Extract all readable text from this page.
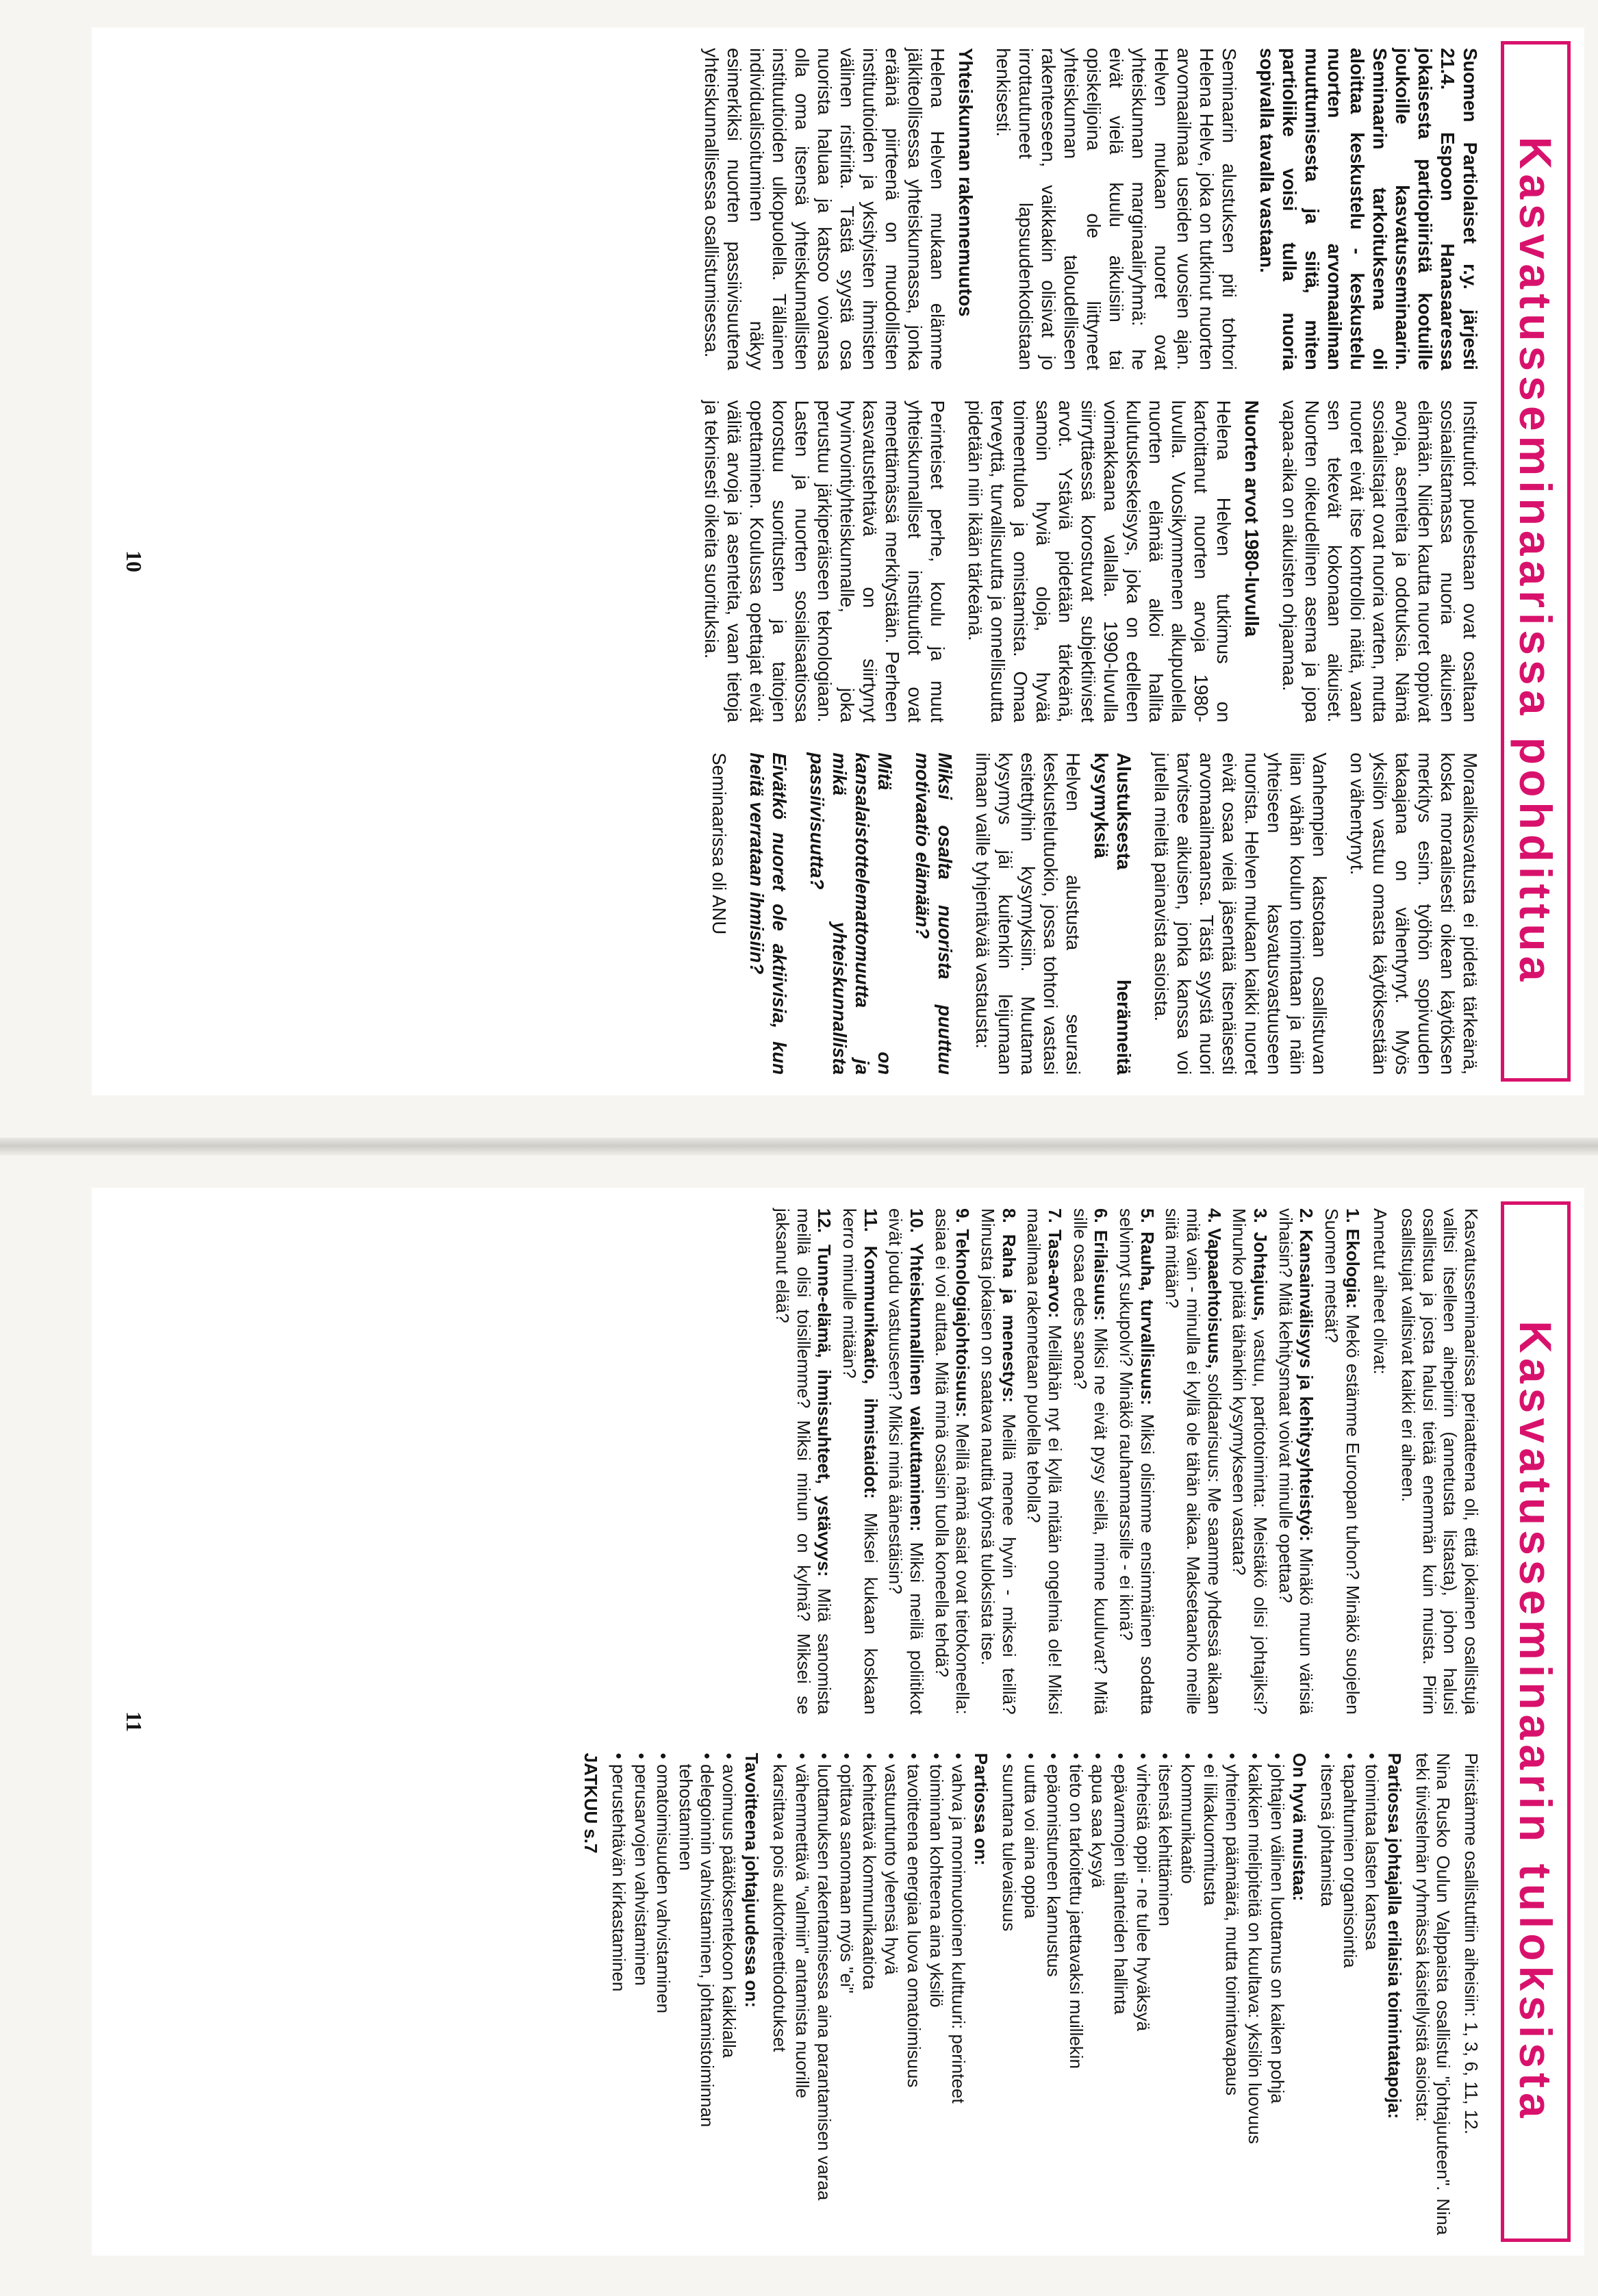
Kasvatusseminaarissa pohdittua

Suomen Partiolaiset r.y. järjesti 21.4. Espoon Hanasaaressa jokaisesta partiopiiristä kootuille joukoille kasvatusseminaarin. Seminaarin tarkoituksena oli aloittaa keskustelu - keskustelu nuorten arvomaailman muuttumisesta ja siitä, miten partioliike voisi tulla nuoria sopivalla tavalla vastaan.

Seminaarin alustuksen piti tohtori Helena Helve, joka on tutkinut nuorten arvomaailmaa useiden vuosien ajan. Helven mukaan nuoret ovat yhteiskunnan marginaaliryhmä: he eivät vielä kuulu aikuisiin tai opiskelijoina ole liittyneet yhteiskunnan taloudelliseen rakenteeseen, vaikkakin olisivat jo irrottautuneet lapsuudenkodistaan henkisesti.

Yhteiskunnan rakennemuutos

Helena Helven mukaan elämme jälkiteollisessa yhteiskunnassa, jonka eräänä piirteenä on muodollisten instituutioiden ja yksityisten ihmisten välinen ristiriita. Tästä syystä osa nuorista haluaa ja katsoo voivansa olla oma itsensä yhteiskunnallisten instituutioiden ulkopuolella. Tällainen individualisoituminen näkyy esimerkiksi nuorten passiivisuutena yhteiskunnallisessa osallistumisessa.

Instituutiot puolestaan ovat osaltaan sosiaalistamassa nuoria aikuisen elämään. Niiden kautta nuoret oppivat arvoja, asenteita ja odotuksia. Nämä sosiaalistajat ovat nuoria varten, mutta nuoret eivät itse kontrolloi näitä, vaan sen tekevät kokonaan aikuiset. Nuorten oikeudellinen asema ja jopa vapaa-aika on aikuisten ohjaamaa.

Nuorten arvot 1980-luvulla

Helena Helven tutkimus on kartoittanut nuorten arvoja 1980-luvulla. Vuosikymmenen alkupuolella nuorten elämää alkoi hallita kulutuskeskeisyys, joka on edelleen voimakkaana vallalla. 1990-luvulla siirryttäessä korostuvat subjektiiviset arvot. Ystäviä pidetään tärkeänä, samoin hyviä oloja, hyvää toimeentuloa ja omistamista. Omaa terveyttä, turvallisuutta ja onnellisuutta pidetään niin ikään tärkeänä.

Perinteiset perhe, koulu ja muut yhteiskunnalliset instituutiot ovat menettämässä merkitystään. Perheen kasvatustehtävä on siirtynyt hyvinvointiyhteiskunnalle, joka perustuu järkiperäiseen teknologiaan. Lasten ja nuorten sosialisaatiossa korostuu suoritusten ja taitojen opettaminen. Koulussa opettajat eivät välitä arvoja ja asenteita, vaan tietoja ja teknisesti oikeita suorituksia.

Moraalikasvatusta ei pidetä tärkeänä, koska moraalisesti oikean käytöksen merkitys esim. työhön sopivuuden takaajana on vähentynyt. Myös yksilön vastuu omasta käytöksestään on vähentynyt.

Vanhempien katsotaan osallistuvan liian vähän koulun toimintaan ja näin yhteiseen kasvatusvastuuseen nuorista. Helven mukaan kaikki nuoret eivät osaa vielä jäsentää itsenäisesti arvomaailmaansa. Tästä syystä nuori tarvitsee aikuisen, jonka kanssa voi jutella mieltä painavista asioista.

Alustuksesta heränneitä kysymyksiä

Helven alustusta seurasi keskustelutuokio, jossa tohtori vastasi esitettyihin kysymyksiin. Muutama kysymys jäi kuitenkin leijumaan ilmaan vaille tyhjentävää vastausta:

Miksi osalta nuorista puuttuu motivaatio elämään?

Mitä on kansalaistottelemattomuutta ja mikä yhteiskunnallista passiivisuutta?

Eivätkö nuoret ole aktiivisia, kun heitä verrataan ihmisiin?

Seminaarissa oli ANU

10
Kasvatusseminaarin tuloksista

Kasvatusseminaarissa periaatteena oli, että jokainen osallistuja valitsi itselleen aihepiirin (annetusta listasta), johon halusi osallistua ja josta halusi tietää enemmän kuin muista. Piirin osallistujat valitsivat kaikki eri aiheen.

Annetut aiheet olivat:

1. Ekologia: Mekö estämme Euroopan tuhon? Minäkö suojelen Suomen metsät?

2. Kansainvälisyys ja kehitysyhteistyö: Minäkö muun värisiä vihaisin? Mitä kehitysmaat voivat minulle opettaa?

3. Johtajuus, vastuu, partiotoiminta: Meistäkö olisi johtajiksi? Minunko pitää tähänkin kysymykseen vastata?

4. Vapaaehtoisuus, solidaarisuus: Me saamme yhdessä aikaan mitä vain - minulla ei kyllä ole tähän aikaa. Maksetaanko meille siitä mitään?

5. Rauha, turvallisuus: Miksi olisimme ensimmäinen sodatta selvinnyt sukupolvi? Minäkö rauhanmarssille - ei ikinä?

6. Erilaisuus: Miksi ne eivät pysy siellä, minne kuuluvat? Mitä sille osaa edes sanoa?

7. Tasa-arvo: Meillähän nyt ei kyllä mitään ongelmia ole! Miksi maailmaa rakennetaan puolella teholla?

8. Raha ja menestys: Meillä menee hyvin - miksei teillä? Minusta jokaisen on saatava nauttia työnsä tuloksista itse.

9. Teknologiajohtoisuus: Meillä nämä asiat ovat tietokoneella: asiaa ei voi auttaa. Mitä minä osaisin tuolla koneella tehdä?

10. Yhteiskunnallinen vaikuttaminen: Miksi meillä poliitikot eivät joudu vastuuseen? Miksi minä äänestäisin?

11. Kommunikaatio, ihmistaidot: Miksei kukaan koskaan kerro minulle mitään?

12. Tunne-elämä, ihmissuhteet, ystävyys: Mitä sanomista meillä olisi toisillemme? Miksi minun on kylmä? Miksei se jaksanut elää?

Piiristämme osallistuttiin aiheisiin: 1, 3, 6, 11, 12.

Nina Rusko Oulun Valppaista osallistui "johtajuuteen". Nina teki tiivistelmän ryhmässä käsitellyistä asioista:

Partiossa johtajalla erilaisia toimintatapoja:

• toimintaa lasten kanssa
• tapahtumien organisointia
• itsensä johtamista

On hyvä muistaa:

• johtajien välinen luottamus on kaiken pohja
• kaikkien mielipiteitä on kuultava: yksilön luovuus
• yhteinen päämäärä, mutta toimintavapaus
• ei liikakuormitusta
• kommunikaatio
• itsensä kehittäminen
• virheistä oppii - ne tulee hyväksyä
• epävarmojen tilanteiden hallinta
• apua saa kysyä
• tieto on tarkoitettu jaettavaksi muillekin
• epäonnistuneen kannustus
• uutta voi aina oppia
• suuntana tulevaisuus

Partiossa on:

• vahva ja monimuotoinen kulttuuri: perinteet
• toiminnan kohteena aina yksilö
• tavoitteena energiaa luova omatoimisuus
• vastuuntunto yleensä hyvä
• kehitettävä kommunikaatiota
• opittava sanomaan myös "ei"
• luottamuksen rakentamisessa aina parantamisen varaa
• vähemmettävä "valmiin" antamista nuorille
• karsittava pois auktoriteettiodotukset

Tavoitteena johtajuudessa on:

• avoimuus päätöksentekoon kaikkialla
• delegoinnin vahvistaminen, johtamistoiminnan tehostaminen
• omatoimisuuden vahvistaminen
• perusarvojen vahvistaminen
• perustehtävän kirkastaminen

JATKUU s.7

11
